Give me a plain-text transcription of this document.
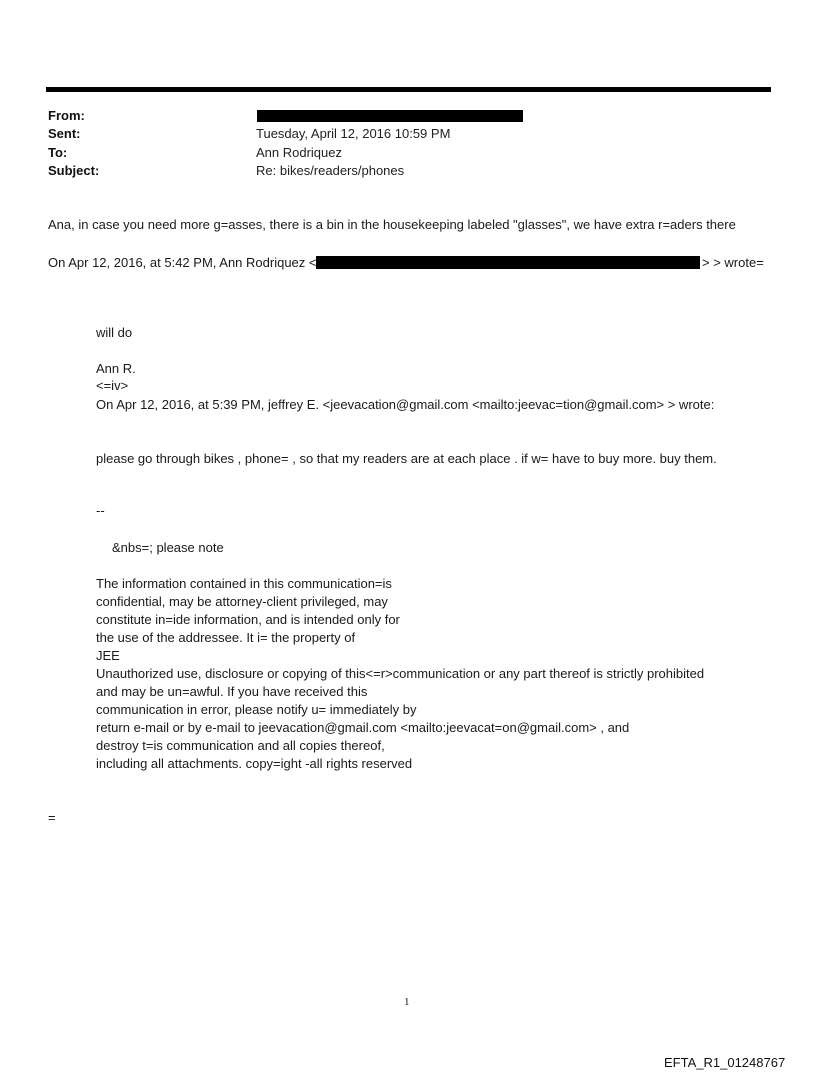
From:
Sent:	Tuesday, April 12, 2016 10:59 PM
To:	Ann Rodriquez
Subject:	Re: bikes/readers/phones
Ana, in case you need more g=asses, there is a bin in the housekeeping labeled "glasses", we have extra r=aders there
On Apr 12, 2016, at 5:42 PM, Ann Rodriquez <	> > wrote=
will do
Ann R.
<=iv>
On Apr 12, 2016, at 5:39 PM, jeffrey E. <jeevacation@gmail.com <mailto:jeevac=tion@gmail.com> > wrote:
please go through bikes , phone= , so that my readers are at each place . if w= have to buy more. buy them.
--
&nbs=; please note
The information contained in this communication=is
confidential, may be attorney-client privileged, may
constitute in=ide information, and is intended only for
the use of the addressee. It i= the property of
JEE
Unauthorized use, disclosure or copying of this<=r>communication or any part thereof is strictly prohibited
and may be un=awful. If you have received this
communication in error, please notify u= immediately by
return e-mail or by e-mail to jeevacation@gmail.com <mailto:jeevacat=on@gmail.com> , and
destroy t=is communication and all copies thereof,
including all attachments. copy=ight -all rights reserved
=
1
EFTA_R1_01248767
